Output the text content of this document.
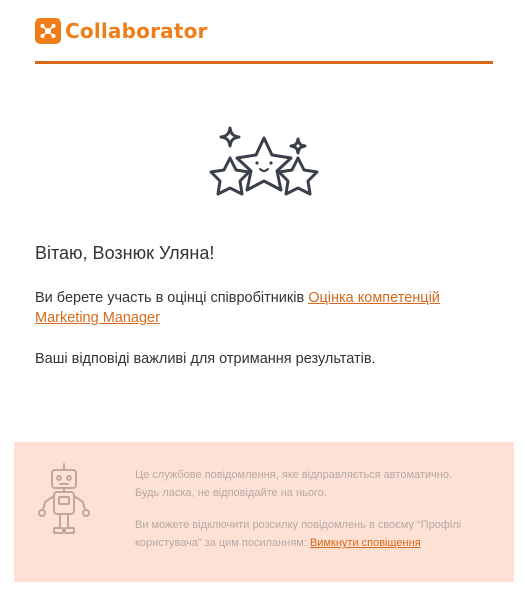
Collaborator
Вітаю, Вознюк Уляна!
Ви берете участь в оцінці співробітників Оцінка компетенцій Marketing Manager
Ваші відповіді важливі для отримання результатів.
Це службове повідомлення, яке відправляється автоматично.
Будь ласка, не відповідайте на нього.
Ви можете відключити розсилку повідомлень в своєму “Профілі користувача” за цим посиланням: Вимкнути сповіщення
